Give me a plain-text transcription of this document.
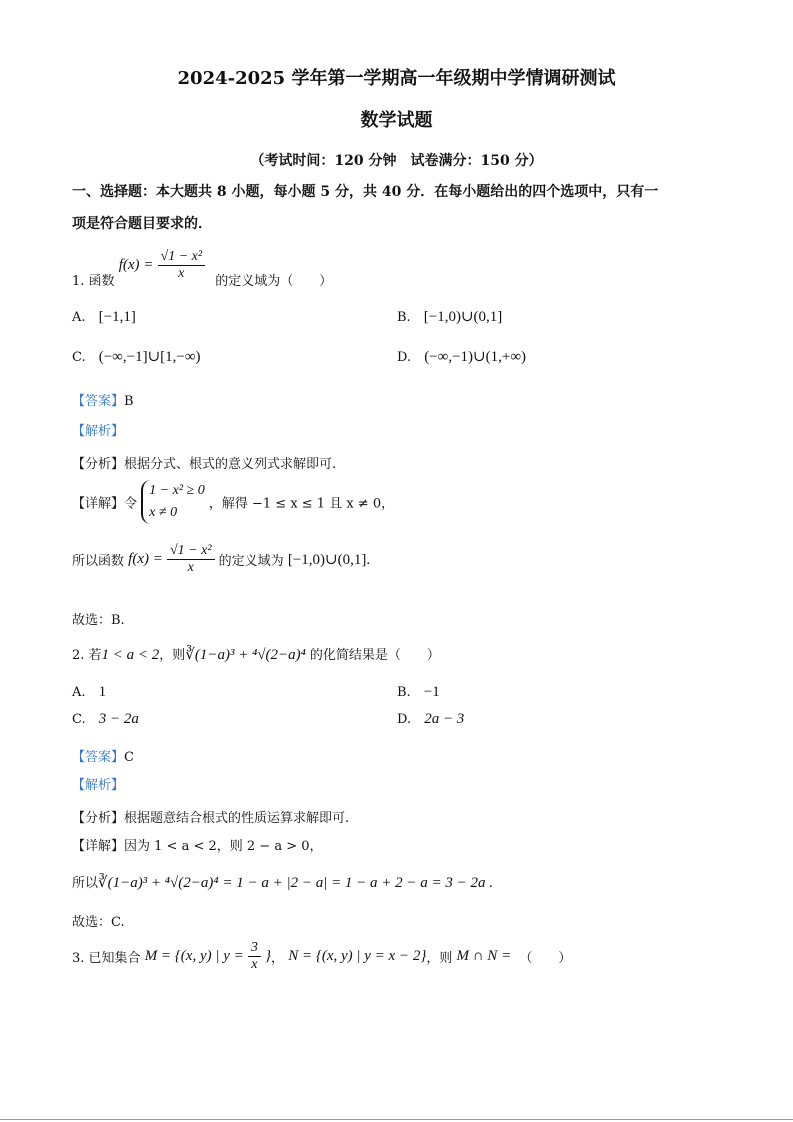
2024-2025 学年第一学期高一年级期中学情调研测试
数学试题
（考试时间：120 分钟　试卷满分：150 分）
一、选择题：本大题共 8 小题，每小题 5 分，共 40 分．在每小题给出的四个选项中，只有一
项是符合题目要求的．
1. 函数 $f(x) = \frac{\text{√1 − x²}}{x}$ 的定义域为（　　）
A. [−1,1]	B. [−1,0)∪(0,1]
C. (−∞,−1]∪[1,−∞)	D. (−∞,−1)∪(1,+∞)
【答案】B
【解析】
【分析】根据分式、根式的意义列式求解即可.
【详解】令
1 − x² ≥ 0
x ≠ 0
，解得 −1 ≤ x ≤ 1 且 x ≠ 0，
所以函数 $f(x) = \frac{\text{√1 − x²}}{x}$ 的定义域为 [−1,0)∪(0,1].
故选：B.
2. 若1 < a < 2，则∛(1−a)³ + ⁴√(2−a)⁴ 的化简结果是（　　）
A. 1	B. −1
C. 3 − 2a	D. 2a − 3
【答案】C
【解析】
【分析】根据题意结合根式的性质运算求解即可.
【详解】因为 1 < a < 2，则 2 − a > 0，
所以∛(1−a)³ + ⁴√(2−a)⁴ = 1 − a + |2 − a| = 1 − a + 2 − a = 3 − 2a .
故选：C.
3. 已知集合 M = {(x, y) | $y = \frac{3}{x}$ }， N = {(x, y) | y = x − 2}，则 M ∩ N = （　　）
